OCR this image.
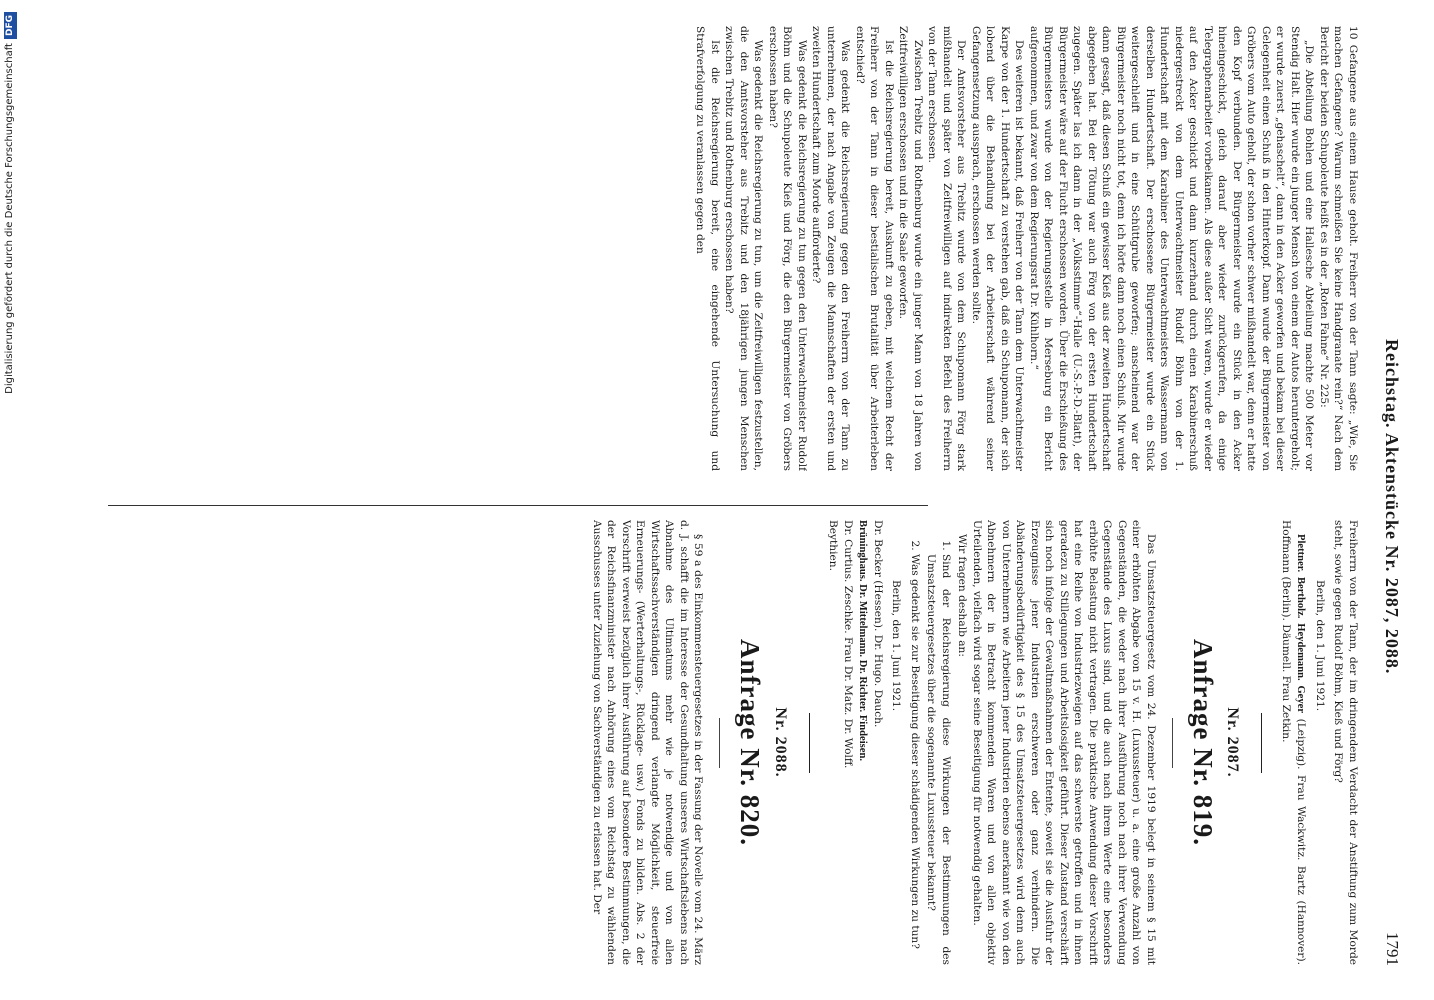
Digitalisierung gefördert durch die Deutsche ForschungsgemeinschaftDFG
Reichstag. Aktenstücke Nr. 2087, 2088.
1791

10 Gefangene aus einem Hause geholt. Freiherr von der Tann sagte: „Wie, Sie machen Gefangene? Warum schmeißen Sie keine Handgranate rein?“ Nach dem Bericht der beiden Schupoleute heißt es in der „Roten Fahne“ Nr. 225:

„Die Abteilung Bohlen und eine Hallesche Abteilung machte 500 Meter vor Stendig Halt. Hier wurde ein junger Mensch von einem der Autos heruntergeholt; er wurde zuerst „gehaschelt“, dann in den Acker geworfen und bekam bei dieser Gelegenheit einen Schuß in den Hinterkopf. Dann wurde der Bürgermeister von Gröbers vom Auto geholt, der schon vorher schwer mißhandelt war, denn er hatte den Kopf verbunden. Der Bürgermeister wurde ein Stück in den Acker hineingeschickt, gleich darauf aber wieder zurückgerufen, da einige Telegraphenarbeiter vorbeikamen. Als diese außer Sicht waren, wurde er wieder auf den Acker geschickt und dann kurzerhand durch einen Karabinerschuß niedergestreckt von dem Unterwachtmeister Rudolf Böhm von der 1. Hundertschaft mit dem Karabiner des Unterwachtmeisters Wassermann von derselben Hundertschaft. Der erschossene Bürgermeister wurde ein Stück weitergeschleift und in eine Schüttgrube geworfen; anscheinend war der Bürgermeister noch nicht tot, denn ich hörte dann noch einen Schuß. Mir wurde dann gesagt, daß diesen Schuß ein gewisser Kieß aus der zweiten Hundertschaft abgegeben hat. Bei der Tötung war auch Förg von der ersten Hundertschaft zugegen. Später las ich dann in der „Volksstimme“-Halle (U.-S.-P.-D.-Blatt), der Bürgermeister wäre auf der Flucht erschossen worden. Über die Erschießung des Bürgermeisters wurde von der Regierungsstelle in Merseburg ein Bericht aufgenommen, und zwar von dem Regierungsrat Dr. Kühlhorn.“

Des weiteren ist bekannt, daß Freiherr von der Tann dem Unterwachtmeister Karpe von der 1. Hundertschaft zu verstehen gab, daß ein Schupomann, der sich lobend über die Behandlung bei der Arbeiterschaft während seiner Gefangensetzung aussprach, erschossen werden sollte.

Der Amtsvorsteher aus Trebitz wurde von dem Schupomann Förg stark mißhandelt und später von Zeitfreiwilligen auf indirekten Befehl des Freiherrn von der Tann erschossen.

Zwischen Trebitz und Rothenburg wurde ein junger Mann von 18 Jahren von Zeitfreiwilligen erschossen und in die Saale geworfen.

Ist die Reichsregierung bereit, Auskunft zu geben, mit welchem Recht der Freiherr von der Tann in dieser bestialischen Brutalität über Arbeiterleben entschied?

Was gedenkt die Reichsregierung gegen den Freiherrn von der Tann zu unternehmen, der nach Angabe von Zeugen die Mannschaften der ersten und zweiten Hundertschaft zum Morde aufforderte?

Was gedenkt die Reichsregierung zu tun gegen den Unterwachtmeister Rudolf Böhm und die Schupoleute Kieß und Förg, die den Bürgermeister von Gröbers erschossen haben?

Was gedenkt die Reichsregierung zu tun, um die Zeitfreiwilligen festzustellen, die den Amtsvorsteher aus Trebitz und den 18jährigen jungen Menschen zwischen Trebitz und Rothenburg erschossen haben?

Ist die Reichsregierung bereit, eine eingehende Untersuchung und Strafverfolgung zu veranlassen gegen den

Freiherrn von der Tann, der im dringendem Verdacht der Anstiftung zum Morde steht, sowie gegen Rudolf Böhm, Kieß und Förg?

Berlin, den 1. Juni 1921.

Plettner. Bertholz. Heydemann. Geyer (Leipzig). Frau Wackwitz. Bartz (Hannover). Hoffmann (Berlin). Däumell. Frau Zetkin.

Nr. 2087.
Anfrage Nr. 819.

Das Umsatzsteuergesetz vom 24. Dezember 1919 belegt in seinem § 15 mit einer erhöhten Abgabe von 15 v. H. (Luxussteuer) u. a. eine große Anzahl von Gegenständen, die weder nach ihrer Ausführung noch nach ihrer Verwendung Gegenstände des Luxus sind, und die auch nach ihrem Werte eine besonders erhöhte Belastung nicht vertragen. Die praktische Anwendung dieser Vorschrift hat eine Reihe von Industriezweigen auf das schwerste getroffen und in ihnen geradezu zu Stillegungen und Arbeitslosigkeit geführt. Dieser Zustand verschärft sich noch infolge der Gewaltmaßnahmen der Entente, soweit sie die Ausfuhr der Erzeugnisse jener Industrien erschweren oder ganz verhindern. Die Abänderungsbedürftigkeit des § 15 des Umsatzsteuergesetzes wird denn auch von Unternehmern wie Arbeitern jener Industrien ebenso anerkannt wie von den Abnehmern der in Betracht kommenden Waren und von allen objektiv Urteilenden, vielfach wird sogar seine Beseitigung für notwendig gehalten.

Wir fragen deshalb an:

1. Sind der Reichsregierung diese Wirkungen der Bestimmungen des Umsatzsteuergesetzes über die sogenannte Luxussteuer bekannt?
2. Was gedenkt sie zur Beseitigung dieser schädigenden Wirkungen zu tun?

Berlin, den 1. Juni 1921.

Dr. Becker (Hessen). Dr. Hugo. Dauch.
Brüninghaus. Dr. Mittelmann. Dr. Richter. Findeisen.
Dr. Curtius. Zeschke. Frau Dr. Matz. Dr. Wolff.
Beythien.

Nr. 2088.
Anfrage Nr. 820.

§ 59 a des Einkommensteuergesetzes in der Fassung der Novelle vom 24. März d. J. schafft die im Interesse der Gesundhaltung unseres Wirtschaftslebens nach Abnahme des Ultimatums mehr wie je notwendige und von allen Wirtschaftssachverständigen dringend verlangte Möglichkeit, steuerfreie Erneuerungs- (Werterhaltungs-, Rücklage- usw.) Fonds zu bilden. Abs. 2 der Vorschrift verweist bezüglich ihrer Ausführung auf besondere Bestimmungen, die der Reichsfinanzminister nach Anhörung eines vom Reichstag zu wählenden Ausschusses unter Zuziehung von Sachverständigen zu erlassen hat. Der
